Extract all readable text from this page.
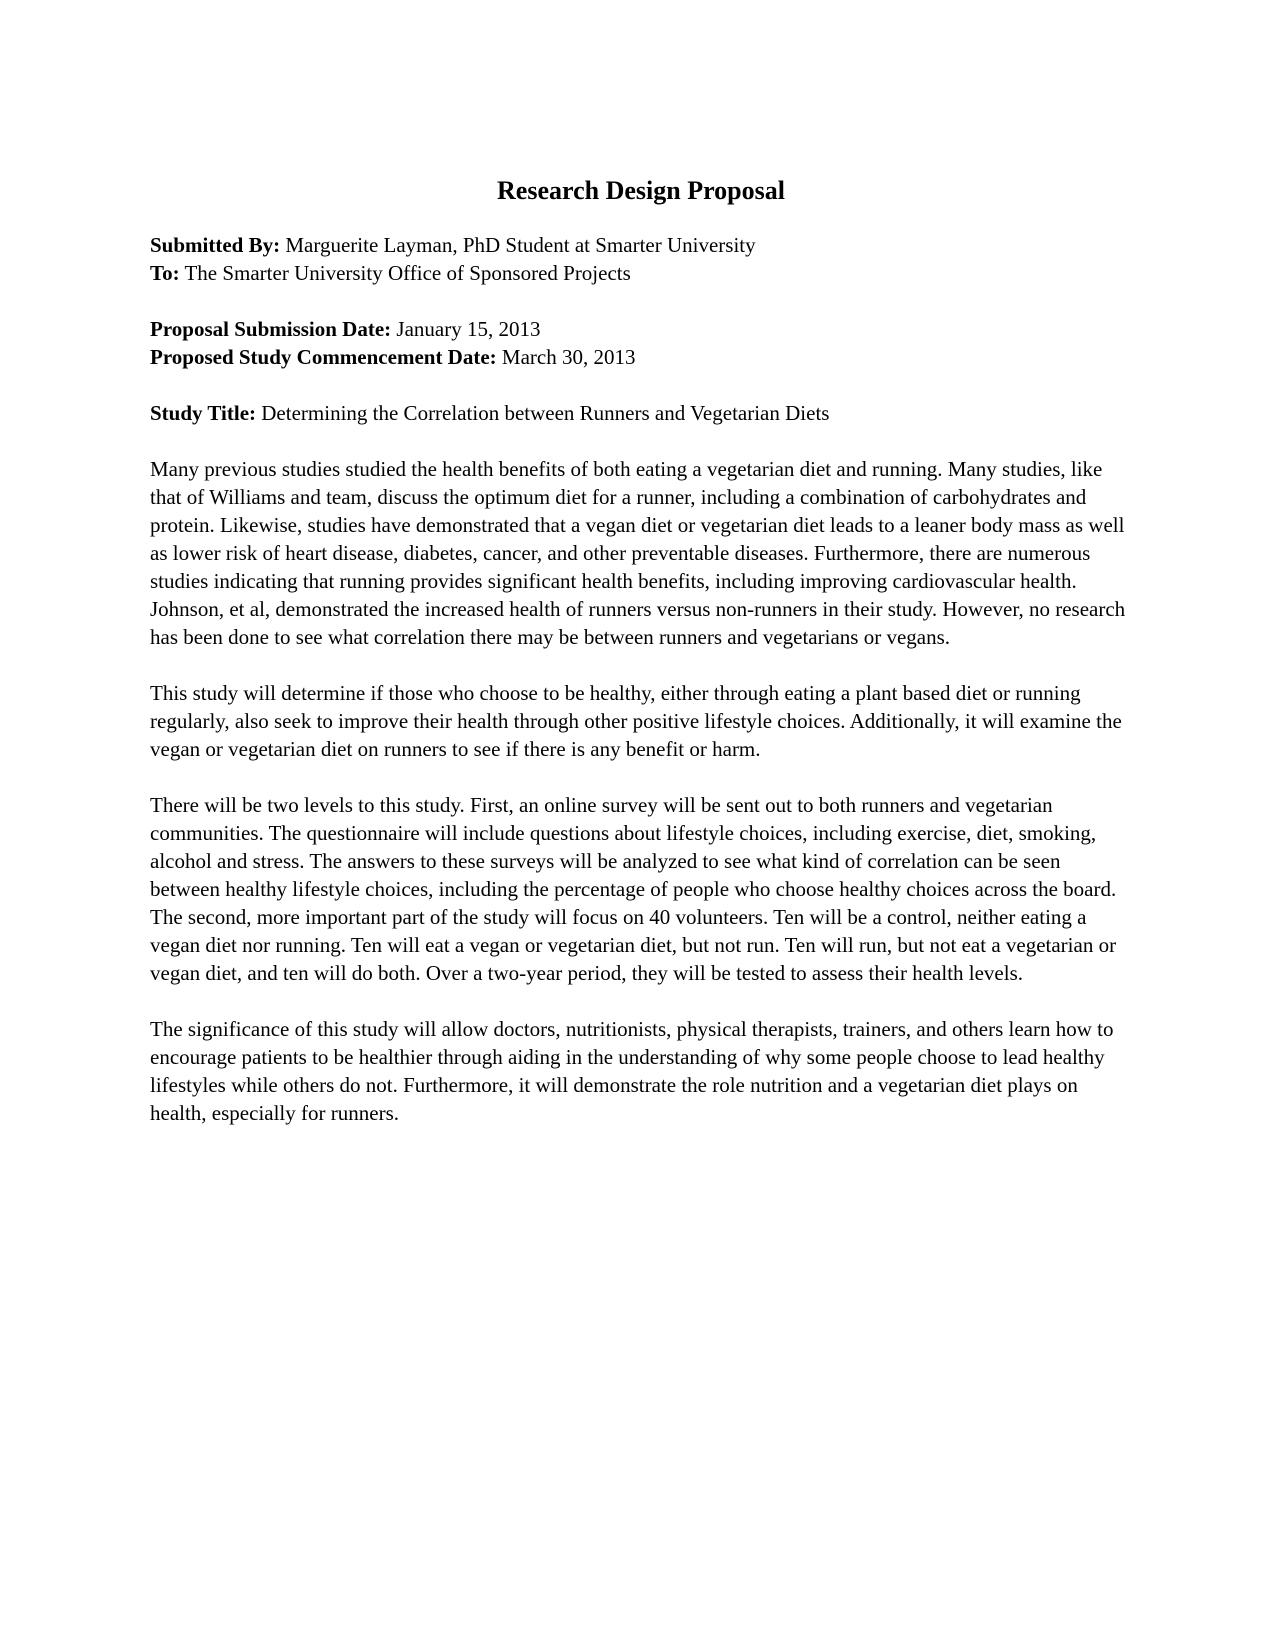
Research Design Proposal
Submitted By: Marguerite Layman, PhD Student at Smarter University
To: The Smarter University Office of Sponsored Projects
Proposal Submission Date: January 15, 2013
Proposed Study Commencement Date: March 30, 2013
Study Title: Determining the Correlation between Runners and Vegetarian Diets

Many previous studies studied the health benefits of both eating a vegetarian diet and running. Many studies, like that of Williams and team, discuss the optimum diet for a runner, including a combination of carbohydrates and protein. Likewise, studies have demonstrated that a vegan diet or vegetarian diet leads to a leaner body mass as well as lower risk of heart disease, diabetes, cancer, and other preventable diseases. Furthermore, there are numerous studies indicating that running provides significant health benefits, including improving cardiovascular health. Johnson, et al, demonstrated the increased health of runners versus non-runners in their study. However, no research has been done to see what correlation there may be between runners and vegetarians or vegans.

This study will determine if those who choose to be healthy, either through eating a plant based diet or running regularly, also seek to improve their health through other positive lifestyle choices. Additionally, it will examine the vegan or vegetarian diet on runners to see if there is any benefit or harm.

There will be two levels to this study. First, an online survey will be sent out to both runners and vegetarian communities. The questionnaire will include questions about lifestyle choices, including exercise, diet, smoking, alcohol and stress. The answers to these surveys will be analyzed to see what kind of correlation can be seen between healthy lifestyle choices, including the percentage of people who choose healthy choices across the board. The second, more important part of the study will focus on 40 volunteers. Ten will be a control, neither eating a vegan diet nor running. Ten will eat a vegan or vegetarian diet, but not run. Ten will run, but not eat a vegetarian or vegan diet, and ten will do both. Over a two-year period, they will be tested to assess their health levels.

The significance of this study will allow doctors, nutritionists, physical therapists, trainers, and others learn how to encourage patients to be healthier through aiding in the understanding of why some people choose to lead healthy lifestyles while others do not. Furthermore, it will demonstrate the role nutrition and a vegetarian diet plays on health, especially for runners.
